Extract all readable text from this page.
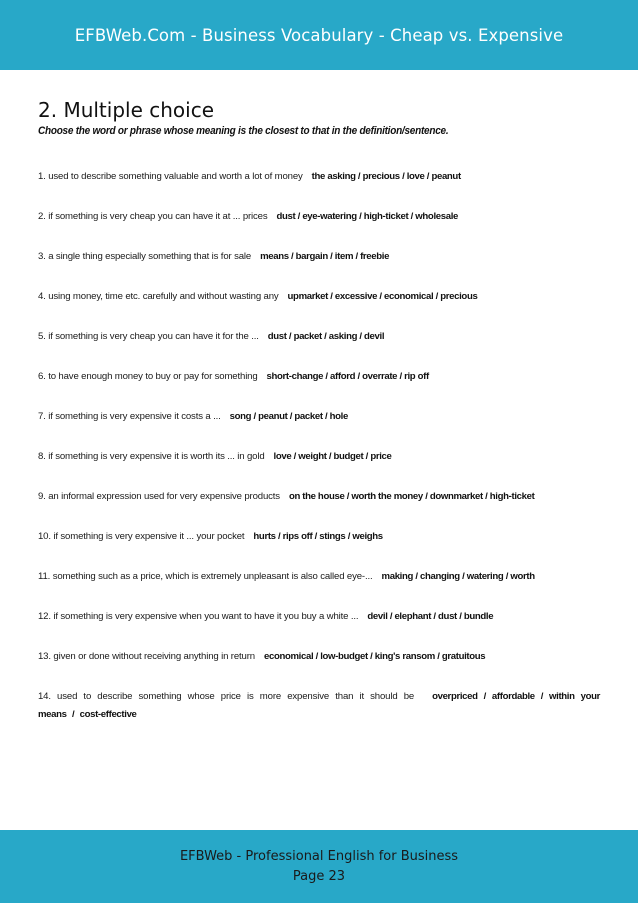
EFBWeb.Com - Business Vocabulary - Cheap vs. Expensive
2. Multiple choice

Choose the word or phrase whose meaning is the closest to that in the definition/sentence.

1. used to describe something valuable and worth a lot of money the asking / precious / love / peanut
2. if something is very cheap you can have it at ... prices dust / eye-watering / high-ticket / wholesale
3. a single thing especially something that is for sale means / bargain / item / freebie
4. using money, time etc. carefully and without wasting any upmarket / excessive / economical / precious
5. if something is very cheap you can have it for the ... dust / packet / asking / devil
6. to have enough money to buy or pay for something short-change / afford / overrate / rip off
7. if something is very expensive it costs a ... song / peanut / packet / hole
8. if something is very expensive it is worth its ... in gold love / weight / budget / price
9. an informal expression used for very expensive products on the house / worth the money / downmarket / high-ticket
10. if something is very expensive it ... your pocket hurts / rips off / stings / weighs
11. something such as a price, which is extremely unpleasant is also called eye-... making / changing / watering / worth
12. if something is very expensive when you want to have it you buy a white ... devil / elephant / dust / bundle
13. given or done without receiving anything in return economical / low-budget / king's ransom / gratuitous
14. used to describe something whose price is more expensive than it should be overpriced / affordable / within your means / cost-effective
EFBWeb - Professional English for Business
Page 23
